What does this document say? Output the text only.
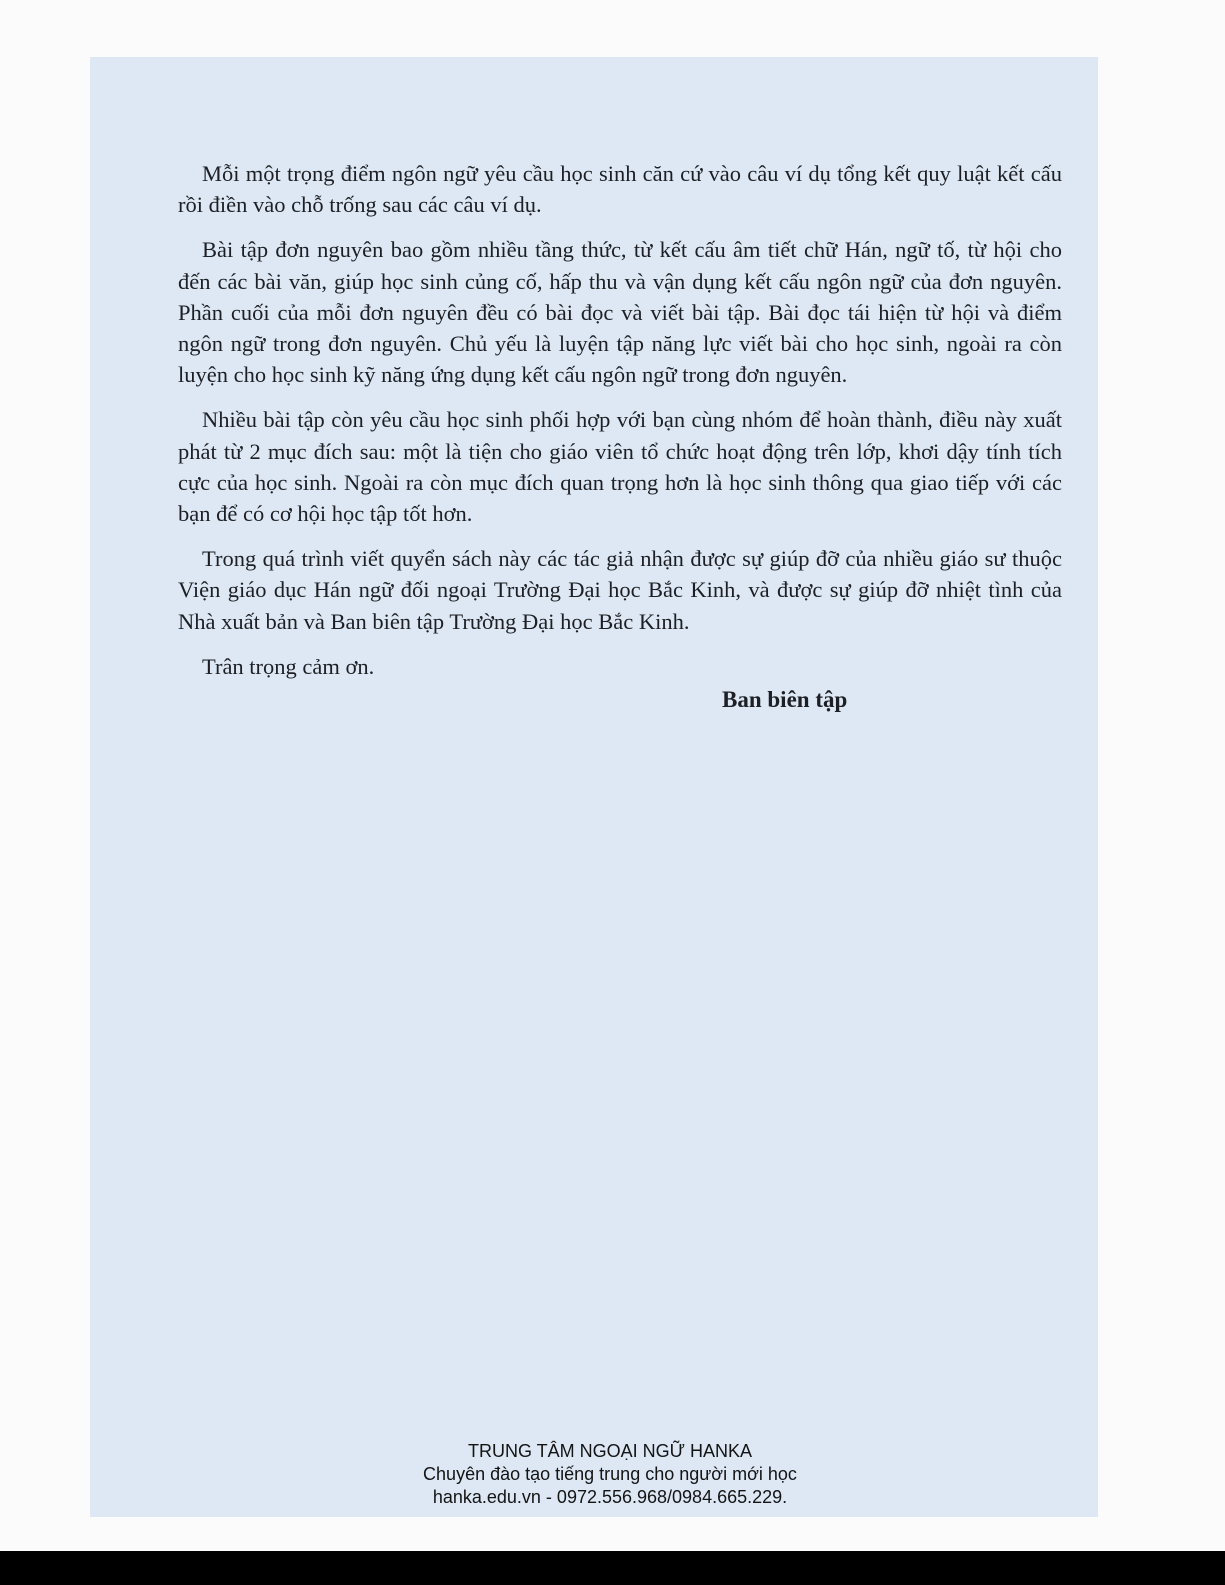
Mỗi một trọng điểm ngôn ngữ yêu cầu học sinh căn cứ vào câu ví dụ tổng kết quy luật kết cấu rồi điền vào chỗ trống sau các câu ví dụ.

Bài tập đơn nguyên bao gồm nhiều tầng thức, từ kết cấu âm tiết chữ Hán, ngữ tố, từ hội cho đến các bài văn, giúp học sinh củng cố, hấp thu và vận dụng kết cấu ngôn ngữ của đơn nguyên. Phần cuối của mỗi đơn nguyên đều có bài đọc và viết bài tập. Bài đọc tái hiện từ hội và điểm ngôn ngữ trong đơn nguyên. Chủ yếu là luyện tập năng lực viết bài cho học sinh, ngoài ra còn luyện cho học sinh kỹ năng ứng dụng kết cấu ngôn ngữ trong đơn nguyên.

Nhiều bài tập còn yêu cầu học sinh phối hợp với bạn cùng nhóm để hoàn thành, điều này xuất phát từ 2 mục đích sau: một là tiện cho giáo viên tổ chức hoạt động trên lớp, khơi dậy tính tích cực của học sinh. Ngoài ra còn mục đích quan trọng hơn là học sinh thông qua giao tiếp với các bạn để có cơ hội học tập tốt hơn.

Trong quá trình viết quyển sách này các tác giả nhận được sự giúp đỡ của nhiều giáo sư thuộc Viện giáo dục Hán ngữ đối ngoại Trường Đại học Bắc Kinh, và được sự giúp đỡ nhiệt tình của Nhà xuất bản và Ban biên tập Trường Đại học Bắc Kinh.

Trân trọng cảm ơn.

Ban biên tập
TRUNG TÂM NGOẠI NGỮ HANKA
Chuyên đào tạo tiếng trung cho người mới học
hanka.edu.vn - 0972.556.968/0984.665.229.
